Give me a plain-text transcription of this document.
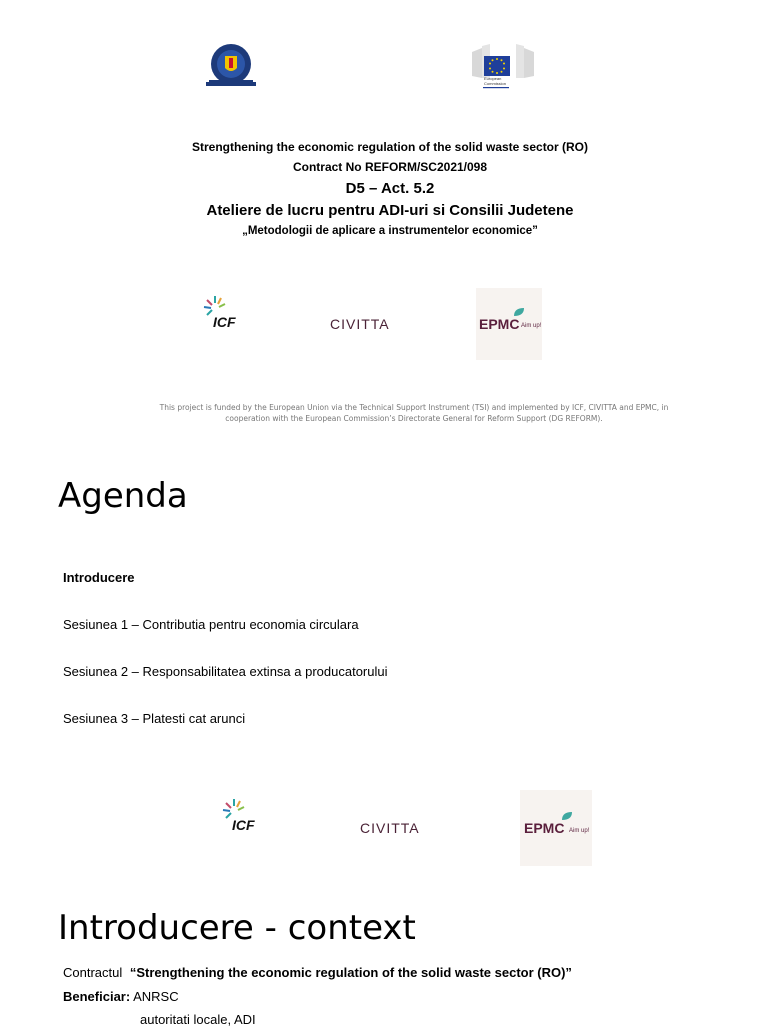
European Commission
Strengthening the economic regulation of the solid waste sector (RO)
Contract No REFORM/SC2021/098
D5 – Act. 5.2
Ateliere de lucru pentru ADI-uri si Consilii Judetene
„Metodologii de aplicare a instrumentelor economice”
ICF	CIVITTA	EPMC Aim up!
This project is funded by the European Union via the Technical Support Instrument (TSI) and implemented by ICF, CIVITTA and EPMC, in cooperation with the European Commission’s Directorate General for Reform Support (DG REFORM).
Agenda
Introducere
Sesiunea 1 – Contributia pentru economia circulara
Sesiunea 2 – Responsabilitatea extinsa a producatorului
Sesiunea 3 – Platesti cat arunci
ICF	CIVITTA	EPMC Aim up!
Introducere - context
Contractul “Strengthening the economic regulation of the solid waste sector (RO)”
Beneficiar: ANRSC
autoritati locale, ADI
